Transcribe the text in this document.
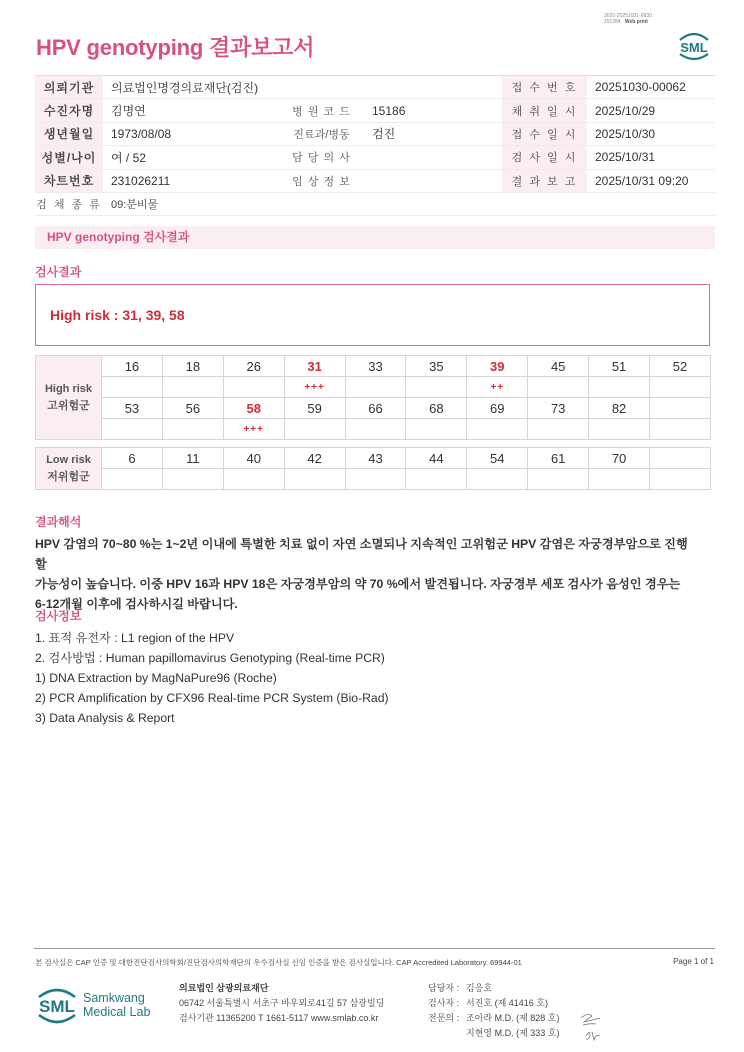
3020-20251031-0930
151284 Web print
HPV genotyping 결과보고서	SML
의뢰기관	의료법인명경의료재단(검진)			접 수 번 호	20251030-00062
수진자명	김명연	병 원 코 드	15186	채 취 일 시	2025/10/29
생년월일	1973/08/08	진료과/병동	검진	접 수 일 시	2025/10/30
성별/나이	여 / 52	담 당 의 사		검 사 일 시	2025/10/31
차트번호	231026211	임 상 정 보		결 과 보 고	2025/10/31 09:20
검 체 종 류	09:분비물				
HPV genotyping 검사결과
검사결과
High risk : 31, 39, 58
High risk
고위험군	16	18	26	31	33	35	39	45	51	52
				+++			++			
	53	56	58	59	66	68	69	73	82	
			+++							
Low risk
저위험군	6	11	40	42	43	44	54	61	70	

결과해석
HPV 감염의 70~80 %는 1~2년 이내에 특별한 치료 없이 자연 소멸되나 지속적인 고위험군 HPV 감염은 자궁경부암으로 진행할
가능성이 높습니다. 이중 HPV 16과 HPV 18은 자궁경부암의 약 70 %에서 발견됩니다. 자궁경부 세포 검사가 음성인 경우는
6-12개월 이후에 검사하시길 바랍니다.
검사정보
1. 표적 유전자 : L1 region of the HPV
2. 검사방법 : Human papillomavirus Genotyping (Real-time PCR)
1) DNA Extraction by MagNaPure96 (Roche)
2) PCR Amplification by CFX96 Real-time PCR System (Bio-Rad)
3) Data Analysis & Report
본 검사실은 CAP 인증 및 대한진단검사의학회/진단검사의학재단의 우수검사실 신임 인증을 받은 검사실입니다. CAP Accredited Laboratory. 69944-01	Page 1 of 1
SML Samkwang
Medical Lab
의료법인 삼광의료재단
06742 서울특별시 서초구 바우뫼로41길 57 삼광빌딩
검사기관 11365200 T 1661-5117 www.smlab.co.kr
담당자 : 김응호
검사자 : 서진호 (제 41416 호)
전문의 : 조아라 M.D. (제 828 호)
지현영 M.D. (제 333 호)
